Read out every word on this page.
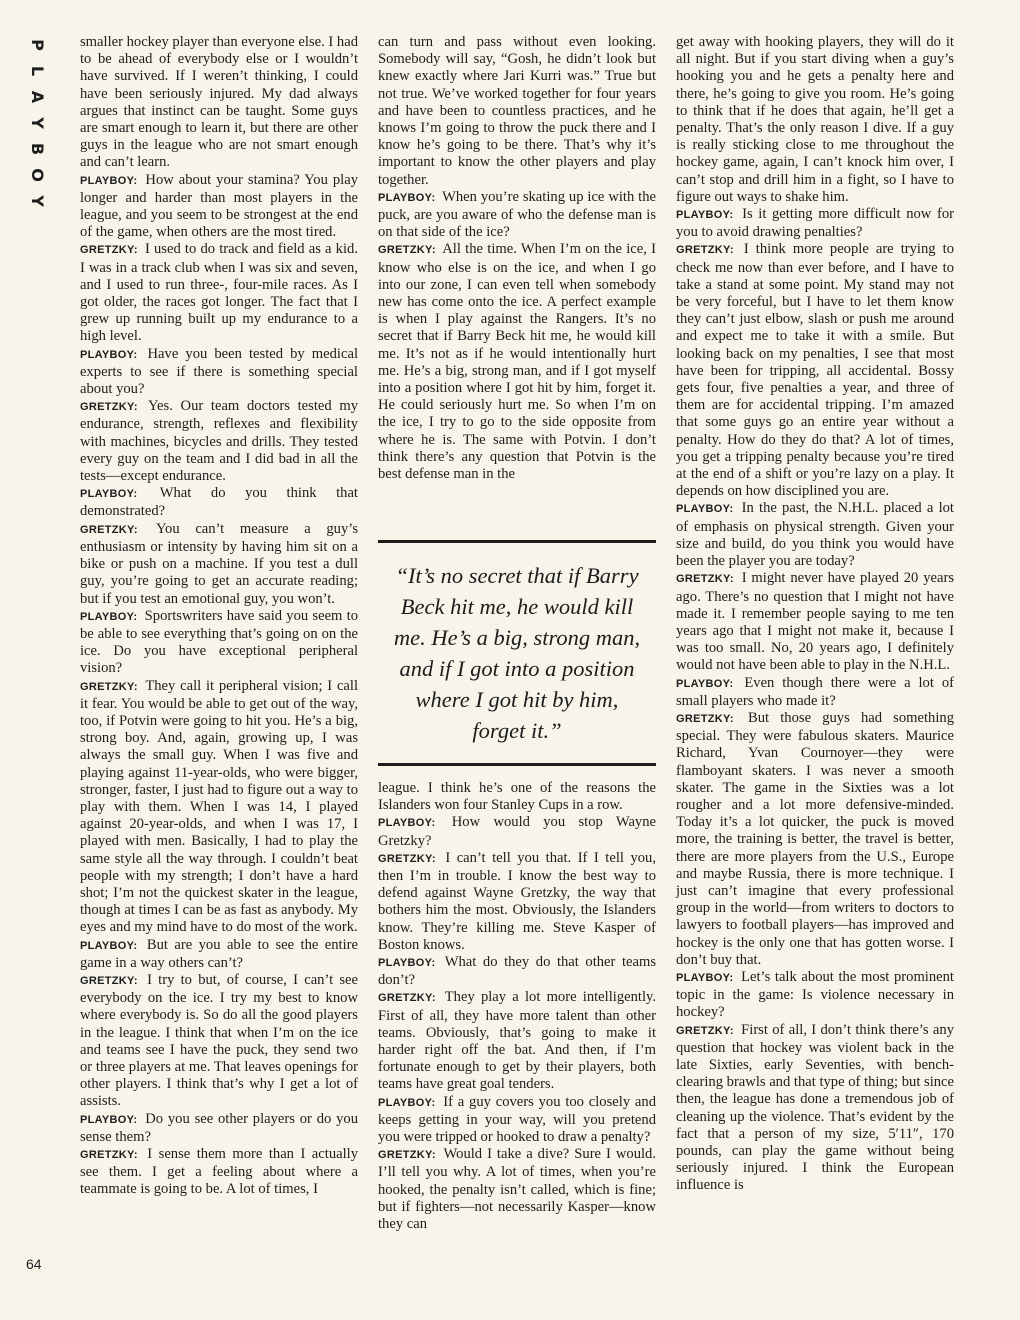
P
L
A
Y
B
O
Y
64

smaller hockey player than everyone else. I had to be ahead of everybody else or I wouldn’t have survived. If I weren’t thinking, I could have been seriously injured. My dad always argues that instinct can be taught. Some guys are smart enough to learn it, but there are other guys in the league who are not smart enough and can’t learn.

PLAYBOY: How about your stamina? You play longer and harder than most players in the league, and you seem to be strongest at the end of the game, when others are the most tired.

GRETZKY: I used to do track and field as a kid. I was in a track club when I was six and seven, and I used to run three-, four-mile races. As I got older, the races got longer. The fact that I grew up running built up my endurance to a high level.

PLAYBOY: Have you been tested by medical experts to see if there is something special about you?

GRETZKY: Yes. Our team doctors tested my endurance, strength, reflexes and flexibility with machines, bicycles and drills. They tested every guy on the team and I did bad in all the tests—except endurance.

PLAYBOY: What do you think that demonstrated?

GRETZKY: You can’t measure a guy’s enthusiasm or intensity by having him sit on a bike or push on a machine. If you test a dull guy, you’re going to get an accurate reading; but if you test an emotional guy, you won’t.

PLAYBOY: Sportswriters have said you seem to be able to see everything that’s going on on the ice. Do you have exceptional peripheral vision?

GRETZKY: They call it peripheral vision; I call it fear. You would be able to get out of the way, too, if Potvin were going to hit you. He’s a big, strong boy. And, again, growing up, I was always the small guy. When I was five and playing against 11-year-olds, who were bigger, stronger, faster, I just had to figure out a way to play with them. When I was 14, I played against 20-year-olds, and when I was 17, I played with men. Basically, I had to play the same style all the way through. I couldn’t beat people with my strength; I don’t have a hard shot; I’m not the quickest skater in the league, though at times I can be as fast as anybody. My eyes and my mind have to do most of the work.

PLAYBOY: But are you able to see the entire game in a way others can’t?

GRETZKY: I try to but, of course, I can’t see everybody on the ice. I try my best to know where everybody is. So do all the good players in the league. I think that when I’m on the ice and teams see I have the puck, they send two or three players at me. That leaves openings for other players. I think that’s why I get a lot of assists.

PLAYBOY: Do you see other players or do you sense them?

GRETZKY: I sense them more than I actually see them. I get a feeling about where a teammate is going to be. A lot of times, I

can turn and pass without even looking. Somebody will say, “Gosh, he didn’t look but knew exactly where Jari Kurri was.” True but not true. We’ve worked together for four years and have been to countless practices, and he knows I’m going to throw the puck there and I know he’s going to be there. That’s why it’s important to know the other players and play together.

PLAYBOY: When you’re skating up ice with the puck, are you aware of who the defense man is on that side of the ice?

GRETZKY: All the time. When I’m on the ice, I know who else is on the ice, and when I go into our zone, I can even tell when somebody new has come onto the ice. A perfect example is when I play against the Rangers. It’s no secret that if Barry Beck hit me, he would kill me. It’s not as if he would intentionally hurt me. He’s a big, strong man, and if I got myself into a position where I got hit by him, forget it. He could seriously hurt me. So when I’m on the ice, I try to go to the side opposite from where he is. The same with Potvin. I don’t think there’s any question that Potvin is the best defense man in the

get away with hooking players, they will do it all night. But if you start diving when a guy’s hooking you and he gets a penalty here and there, he’s going to give you room. He’s going to think that if he does that again, he’ll get a penalty. That’s the only reason I dive. If a guy is really sticking close to me throughout the hockey game, again, I can’t knock him over, I can’t stop and drill him in a fight, so I have to figure out ways to shake him.

PLAYBOY: Is it getting more difficult now for you to avoid drawing penalties?

GRETZKY: I think more people are trying to check me now than ever before, and I have to take a stand at some point. My stand may not be very forceful, but I have to let them know they can’t just elbow, slash or push me around and expect me to take it with a smile. But looking back on my penalties, I see that most have been for tripping, all accidental. Bossy gets four, five penalties a year, and three of them are for accidental tripping. I’m amazed that some guys go an entire year without a penalty. How do they do that? A lot of times, you get a tripping penalty because you’re tired at the end of a shift or you’re lazy on a play. It depends on how disciplined you are.

PLAYBOY: In the past, the N.H.L. placed a lot of emphasis on physical strength. Given your size and build, do you think you would have been the player you are today?

GRETZKY: I might never have played 20 years ago. There’s no question that I might not have made it. I remember people saying to me ten years ago that I might not make it, because I was too small. No, 20 years ago, I definitely would not have been able to play in the N.H.L.

PLAYBOY: Even though there were a lot of small players who made it?

GRETZKY: But those guys had something special. They were fabulous skaters. Maurice Richard, Yvan Cournoyer—they were flamboyant skaters. I was never a smooth skater. The game in the Sixties was a lot rougher and a lot more defensive-minded. Today it’s a lot quicker, the puck is moved more, the training is better, the travel is better, there are more players from the U.S., Europe and maybe Russia, there is more technique. I just can’t imagine that every professional group in the world—from writers to doctors to lawyers to football players—has improved and hockey is the only one that has gotten worse. I don’t buy that.

PLAYBOY: Let’s talk about the most prominent topic in the game: Is violence necessary in hockey?

GRETZKY: First of all, I don’t think there’s any question that hockey was violent back in the late Sixties, early Seventies, with bench-clearing brawls and that type of thing; but since then, the league has done a tremendous job of cleaning up the violence. That’s evident by the fact that a person of my size, 5′11″, 170 pounds, can play the game without being seriously injured. I think the European influence is

“It’s no secret that if Barry Beck hit me, he would kill me. He’s a big, strong man, and if I got into a position where I got hit by him, forget it.”

league. I think he’s one of the reasons the Islanders won four Stanley Cups in a row.

PLAYBOY: How would you stop Wayne Gretzky?

GRETZKY: I can’t tell you that. If I tell you, then I’m in trouble. I know the best way to defend against Wayne Gretzky, the way that bothers him the most. Obviously, the Islanders know. They’re killing me. Steve Kasper of Boston knows.

PLAYBOY: What do they do that other teams don’t?

GRETZKY: They play a lot more intelligently. First of all, they have more talent than other teams. Obviously, that’s going to make it harder right off the bat. And then, if I’m fortunate enough to get by their players, both teams have great goal tenders.

PLAYBOY: If a guy covers you too closely and keeps getting in your way, will you pretend you were tripped or hooked to draw a penalty?

GRETZKY: Would I take a dive? Sure I would. I’ll tell you why. A lot of times, when you’re hooked, the penalty isn’t called, which is fine; but if fighters—not necessarily Kasper—know they can
